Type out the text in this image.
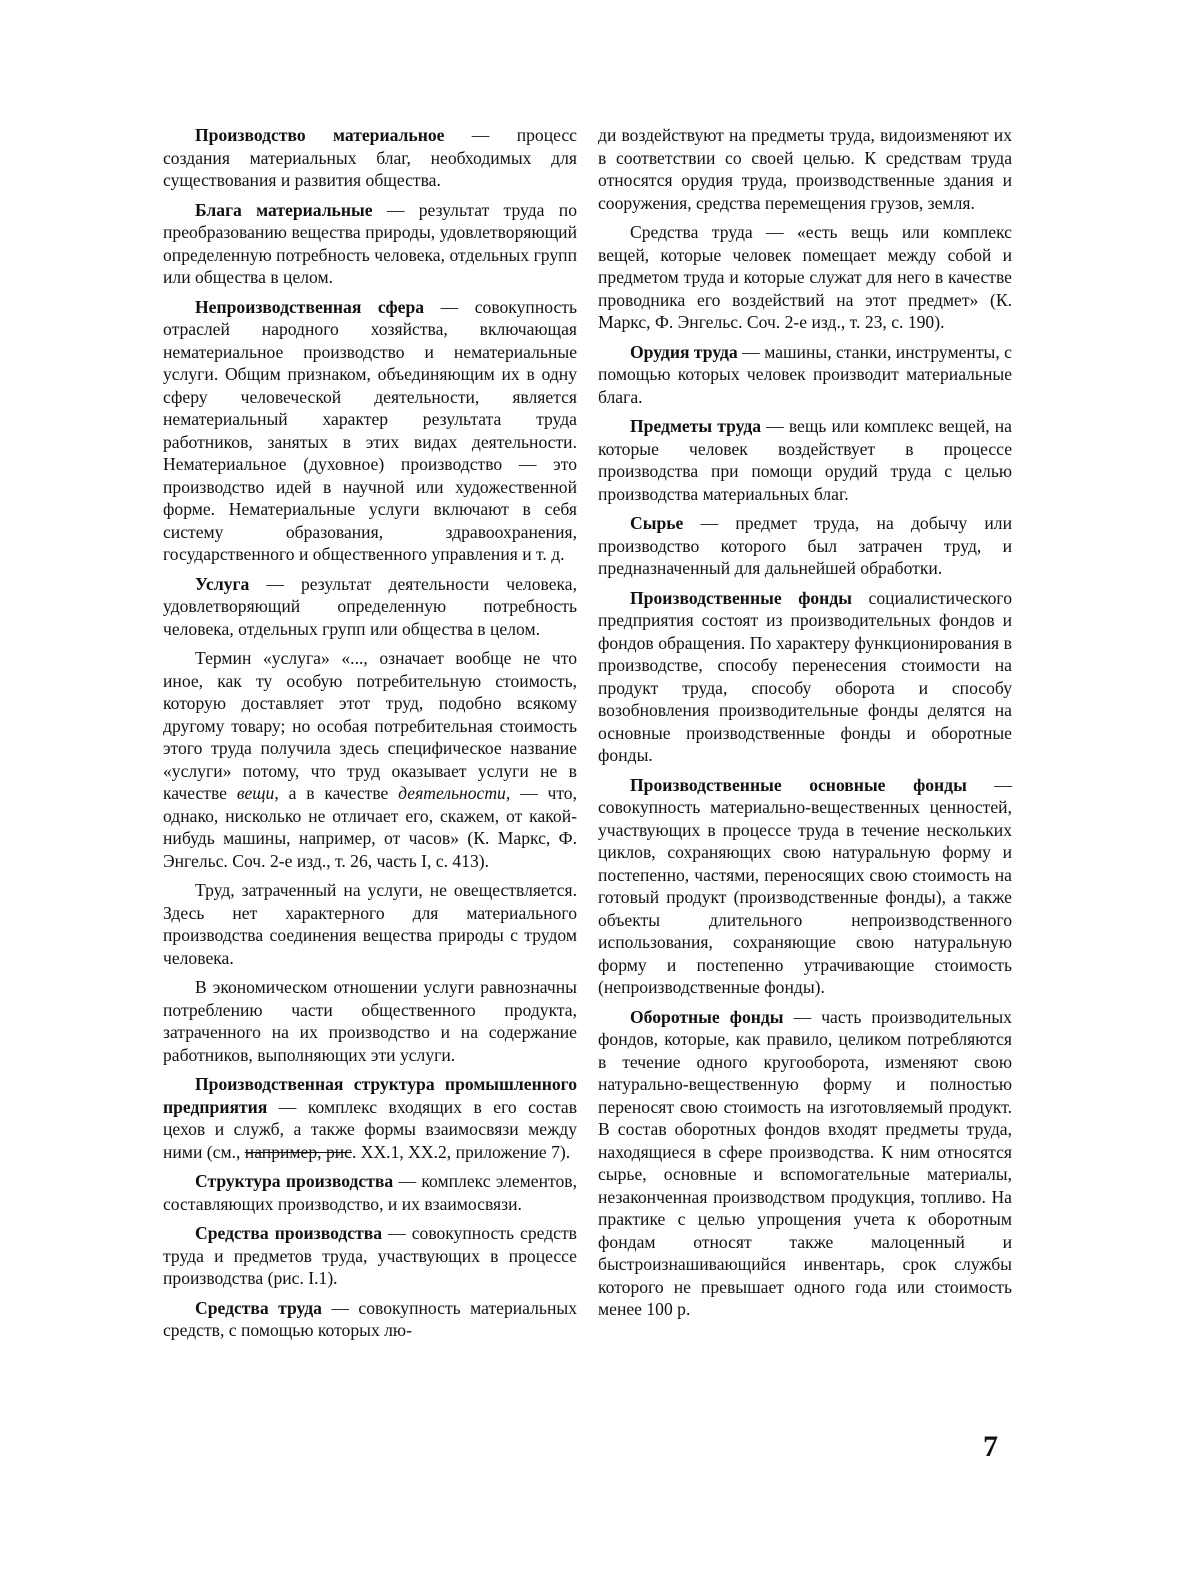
Производство материальное — процесс создания материальных благ, необходимых для существования и развития общества.

Блага материальные — результат труда по преобразованию вещества природы, удовлетворяющий определенную потребность человека, отдельных групп или общества в целом.

Непроизводственная сфера — совокупность отраслей народного хозяйства, включающая нематериальное производство и нематериальные услуги. Общим признаком, объединяющим их в одну сферу человеческой деятельности, является нематериальный характер результата труда работников, занятых в этих видах деятельности. Нематериальное (духовное) производство — это производство идей в научной или художественной форме. Нематериальные услуги включают в себя систему образования, здравоохранения, государственного и общественного управления и т. д.

Услуга — результат деятельности человека, удовлетворяющий определенную потребность человека, отдельных групп или общества в целом.

Термин «услуга» «..., означает вообще не что иное, как ту особую потребительную стоимость, которую доставляет этот труд, подобно всякому другому товару; но особая потребительная стоимость этого труда получила здесь специфическое название «услуги» потому, что труд оказывает услуги не в качестве вещи, а в качестве деятельности, — что, однако, нисколько не отличает его, скажем, от какой-нибудь машины, например, от часов» (К. Маркс, Ф. Энгельс. Соч. 2-е изд., т. 26, часть I, с. 413).

Труд, затраченный на услуги, не овеществляется. Здесь нет характерного для материального производства соединения вещества природы с трудом человека.

В экономическом отношении услуги равнозначны потреблению части общественного продукта, затраченного на их производство и на содержание работников, выполняющих эти услуги.

Производственная структура промышленного предприятия — комплекс входящих в его состав цехов и служб, а также формы взаимосвязи между ними (см., например, рис. XX.1, XX.2, приложение 7).

Структура производства — комплекс элементов, составляющих производство, и их взаимосвязи.

Средства производства — совокупность средств труда и предметов труда, участвующих в процессе производства (рис. I.1).

Средства труда — совокупность материальных средств, с помощью которых лю-

ди воздействуют на предметы труда, видоизменяют их в соответствии со своей целью. К средствам труда относятся орудия труда, производственные здания и сооружения, средства перемещения грузов, земля.

Средства труда — «есть вещь или комплекс вещей, которые человек помещает между собой и предметом труда и которые служат для него в качестве проводника его воздействий на этот предмет» (К. Маркс, Ф. Энгельс. Соч. 2-е изд., т. 23, с. 190).

Орудия труда — машины, станки, инструменты, с помощью которых человек производит материальные блага.

Предметы труда — вещь или комплекс вещей, на которые человек воздействует в процессе производства при помощи орудий труда с целью производства материальных благ.

Сырье — предмет труда, на добычу или производство которого был затрачен труд, и предназначенный для дальнейшей обработки.

Производственные фонды социалистического предприятия состоят из производительных фондов и фондов обращения. По характеру функционирования в производстве, способу перенесения стоимости на продукт труда, способу оборота и способу возобновления производительные фонды делятся на основные производственные фонды и оборотные фонды.

Производственные основные фонды — совокупность материально-вещественных ценностей, участвующих в процессе труда в течение нескольких циклов, сохраняющих свою натуральную форму и постепенно, частями, переносящих свою стоимость на готовый продукт (производственные фонды), а также объекты длительного непроизводственного использования, сохраняющие свою натуральную форму и постепенно утрачивающие стоимость (непроизводственные фонды).

Оборотные фонды — часть производительных фондов, которые, как правило, целиком потребляются в течение одного кругооборота, изменяют свою натурально-вещественную форму и полностью переносят свою стоимость на изготовляемый продукт. В состав оборотных фондов входят предметы труда, находящиеся в сфере производства. К ним относятся сырье, основные и вспомогательные материалы, незаконченная производством продукция, топливо. На практике с целью упрощения учета к оборотным фондам относят также малоценный и быстроизнашивающийся инвентарь, срок службы которого не превышает одного года или стоимость менее 100 р.

7
